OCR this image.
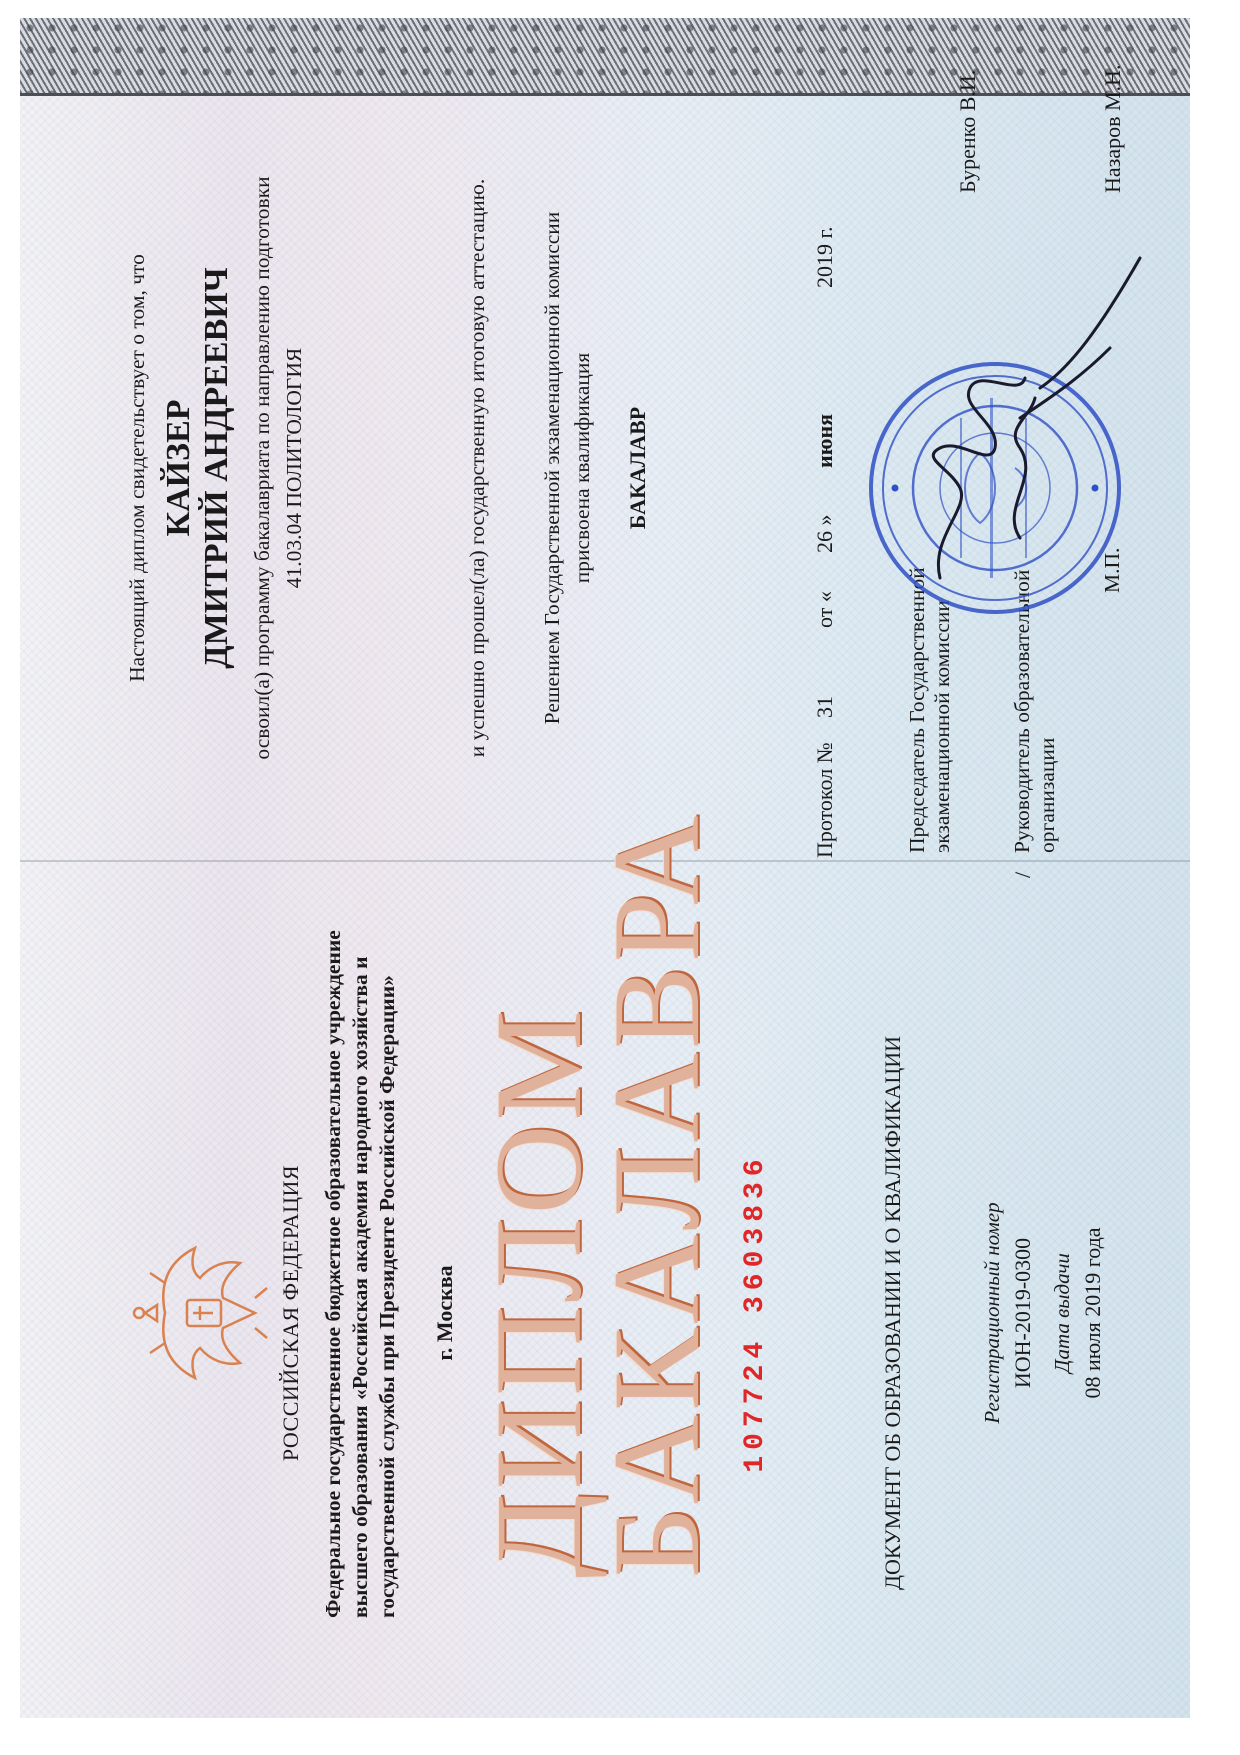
РОССИЙСКАЯ ФЕДЕРАЦИЯ Федеральное государственное бюджетное образовательное учреждение высшего образования «Российская академия народного хозяйства и государственной службы при Президенте Российской Федерации» г. Москва ДИПЛОМ
БАКАЛАВРА 107724 3603836	ДОКУМЕНТ ОБ ОБРАЗОВАНИИ И О КВАЛИФИКАЦИИ	Регистрационный номер ИОН-2019-0300 Дата выдачи 08 июля 2019 года
Настоящий диплом свидетельствует о том, что КАЙЗЕР ДМИТРИЙ АНДРЕЕВИЧ освоил(а) программу бакалавриата по направлению подготовки 41.03.04 ПОЛИТОЛОГИЯ	и успешно прошел(ла) государственную итоговую аттестацию. Решением Государственной экзаменационной комиссии присвоена квалификация БАКАЛАВР
Протокол №
31
от «
26 »
июня
2019 г.
Председатель Государственной экзаменационной комиссии
Буренко В.И.
/
Руководитель образовательной организации
М.П.
Назаров М.Н.
